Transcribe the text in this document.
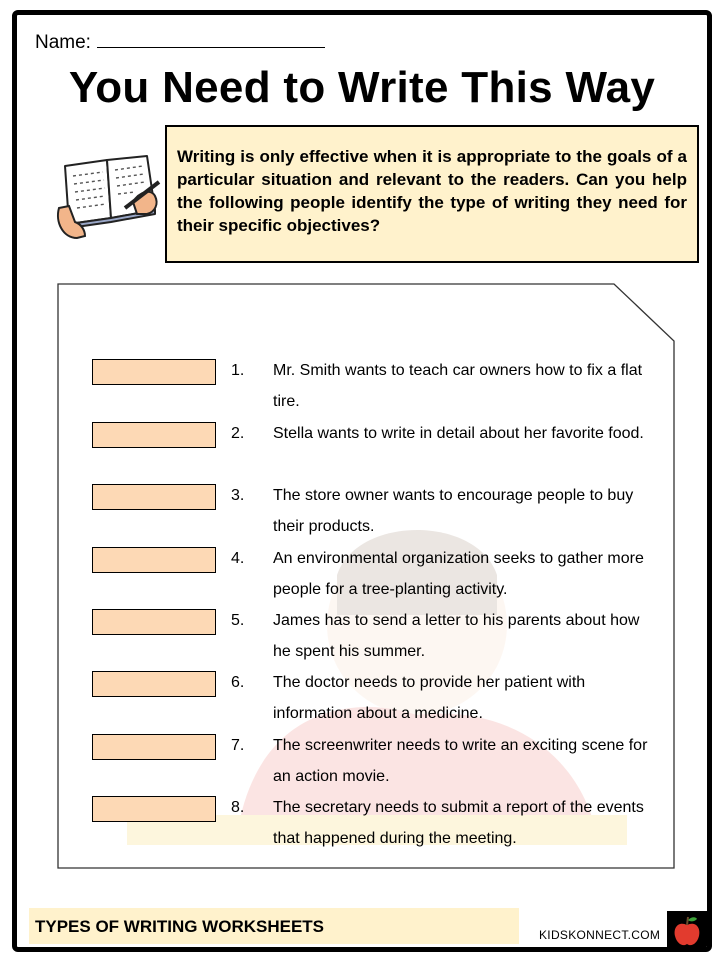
Name:
You Need to Write This Way
Writing is only effective when it is appropriate to the goals of a particular situation and relevant to the readers. Can you help the following people identify the type of writing they need for their specific objectives?
1. Mr. Smith wants to teach car owners how to fix a flat tire.
2. Stella wants to write in detail about her favorite food.
3. The store owner wants to encourage people to buy their products.
4. An environmental organization seeks to gather more people for a tree-planting activity.
5. James has to send a letter to his parents about how he spent his summer.
6. The doctor needs to provide her patient with information about a medicine.
7. The screenwriter needs to write an exciting scene for an action movie.
8. The secretary needs to submit a report of the events that happened during the meeting.
TYPES OF WRITING WORKSHEETS	KIDSKONNECT.COM
